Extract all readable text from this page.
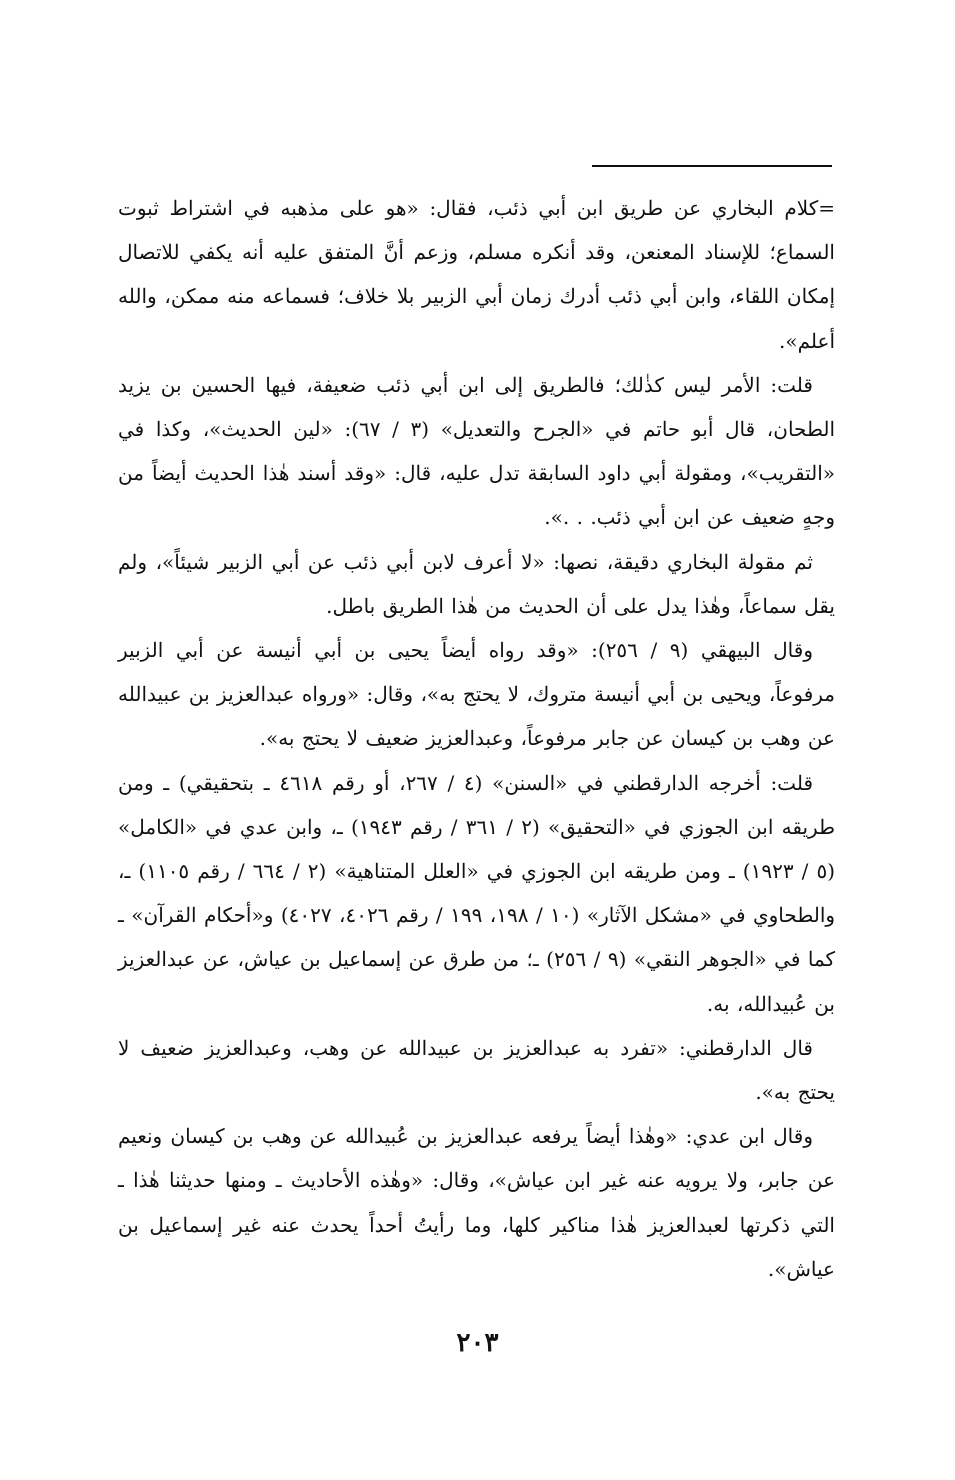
=كلام البخاري عن طريق ابن أبي ذئب، فقال: «هو على مذهبه في اشتراط ثبوت السماع؛ للإسناد المعنعن، وقد أنكره مسلم، وزعم أنَّ المتفق عليه أنه يكفي للاتصال إمكان اللقاء، وابن أبي ذئب أدرك زمان أبي الزبير بلا خلاف؛ فسماعه منه ممكن، والله أعلم».

قلت: الأمر ليس كذٰلك؛ فالطريق إلى ابن أبي ذئب ضعيفة، فيها الحسين بن يزيد الطحان، قال أبو حاتم في «الجرح والتعديل» (٣ / ٦٧): «لين الحديث»، وكذا في «التقريب»، ومقولة أبي داود السابقة تدل عليه، قال: «وقد أسند هٰذا الحديث أيضاً من وجهٍ ضعيف عن ابن أبي ذئب. . .».

ثم مقولة البخاري دقيقة، نصها: «لا أعرف لابن أبي ذئب عن أبي الزبير شيئاً»، ولم يقل سماعاً، وهٰذا يدل على أن الحديث من هٰذا الطريق باطل.

وقال البيهقي (٩ / ٢٥٦): «وقد رواه أيضاً يحيى بن أبي أنيسة عن أبي الزبير مرفوعاً، ويحيى بن أبي أنيسة متروك، لا يحتج به»، وقال: «ورواه عبدالعزيز بن عبيدالله عن وهب بن كيسان عن جابر مرفوعاً، وعبدالعزيز ضعيف لا يحتج به».

قلت: أخرجه الدارقطني في «السنن» (٤ / ٢٦٧، أو رقم ٤٦١٨ ـ بتحقيقي) ـ ومن طريقه ابن الجوزي في «التحقيق» (٢ / ٣٦١ / رقم ١٩٤٣) ـ، وابن عدي في «الكامل» (٥ / ١٩٢٣) ـ ومن طريقه ابن الجوزي في «العلل المتناهية» (٢ / ٦٦٤ / رقم ١١٠٥) ـ، والطحاوي في «مشكل الآثار» (١٠ / ١٩٨، ١٩٩ / رقم ٤٠٢٦، ٤٠٢٧) و«أحكام القرآن» ـ كما في «الجوهر النقي» (٩ / ٢٥٦) ـ؛ من طرق عن إسماعيل بن عياش، عن عبدالعزيز بن عُبيدالله، به.

قال الدارقطني: «تفرد به عبدالعزيز بن عبيدالله عن وهب، وعبدالعزيز ضعيف لا يحتج به».

وقال ابن عدي: «وهٰذا أيضاً يرفعه عبدالعزيز بن عُبيدالله عن وهب بن كيسان ونعيم عن جابر، ولا يرويه عنه غير ابن عياش»، وقال: «وهٰذه الأحاديث ـ ومنها حديثنا هٰذا ـ التي ذكرتها لعبدالعزيز هٰذا مناكير كلها، وما رأيتُ أحداً يحدث عنه غير إسماعيل بن عياش».

٢٠٣
